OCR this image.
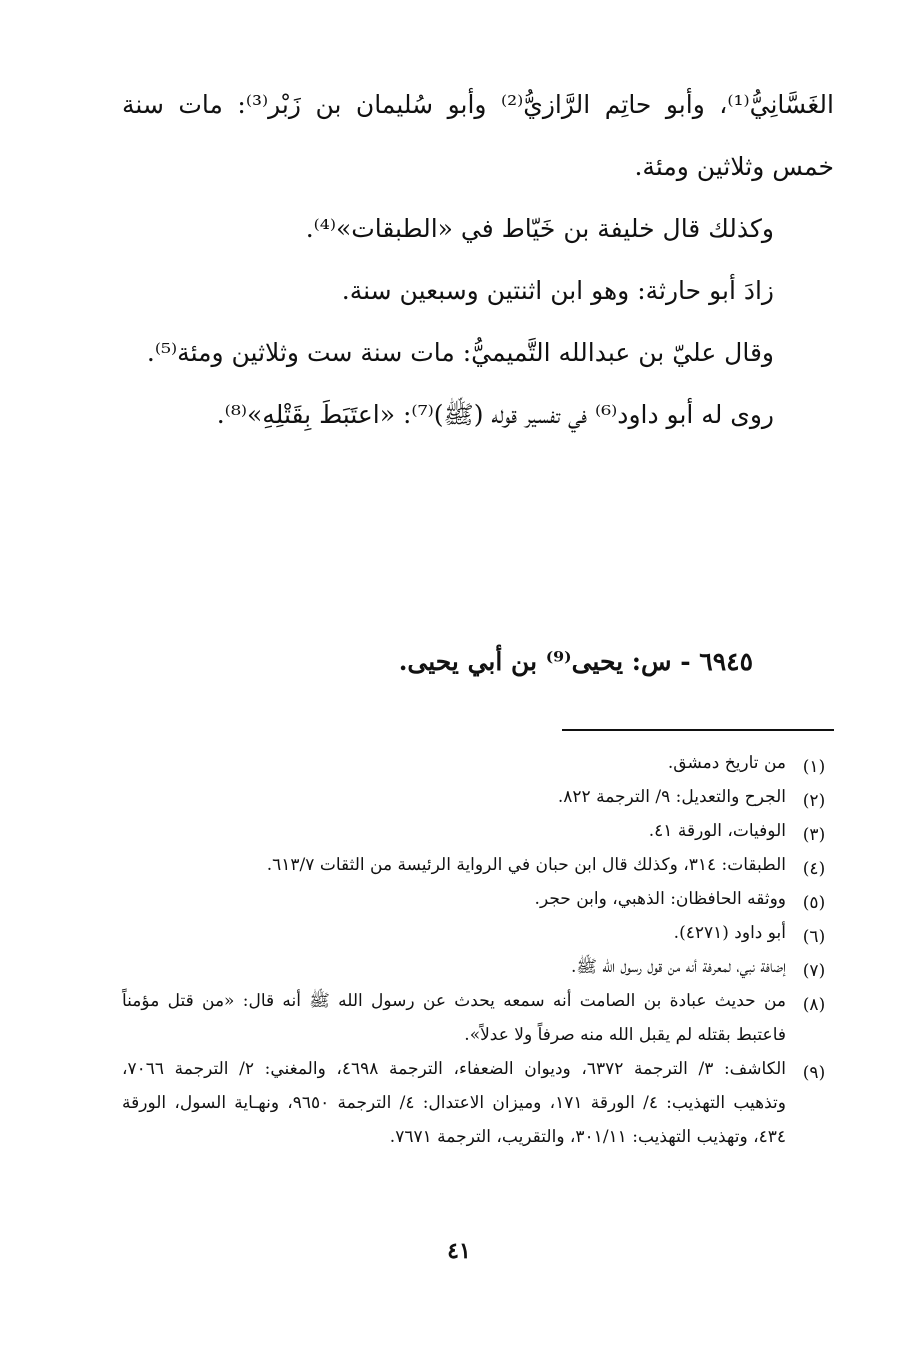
الغَسَّانِيُّ⁽¹⁾، وأبو حاتِم الرَّازيُّ⁽²⁾ وأبو سُليمان بن زَبْر⁽³⁾: مات سنة خمس وثلاثين ومئة.

وكذلك قال خليفة بن خَيّاط في «الطبقات»⁽⁴⁾.

زادَ أبو حارثة: وهو ابن اثنتين وسبعين سنة.

وقال عليّ بن عبدالله التَّميميُّ: مات سنة ست وثلاثين ومئة⁽⁵⁾.

روى له أبو داود⁽⁶⁾ في تفسير قوله (ﷺ)⁽⁷⁾: «اعتَبَطَ بِقَتْلِهِ»⁽⁸⁾.

٦٩٤٥ - س: يحيى⁽⁹⁾ بن أبي يحيى.

(١)
من تاريخ دمشق.

(٢)
الجرح والتعديل: ٩/ الترجمة ٨٢٢.

(٣)
الوفيات، الورقة ٤١.

(٤)
الطبقات: ٣١٤، وكذلك قال ابن حبان في الرواية الرئيسة من الثقات ٦١٣/٧.

(٥)
ووثقه الحافظان: الذهبي، وابن حجر.

(٦)
أبو داود (٤٢٧١).

(٧)
إضافة نبي، لمعرفة أنه من قول رسول الله ﷺ.

(٨)
من حديث عبادة بن الصامت أنه سمعه يحدث عن رسول الله ﷺ أنه قال: «من قتل مؤمناً فاعتبط بقتله لم يقبل الله منه صرفاً ولا عدلاً».

(٩)
الكاشف: ٣/ الترجمة ٦٣٧٢، وديوان الضعفاء، الترجمة ٤٦٩٨، والمغني: ٢/ الترجمة ٧٠٦٦، وتذهيب التهذيب: ٤/ الورقة ١٧١، وميزان الاعتدال: ٤/ الترجمة ٩٦٥٠، ونهـاية السول، الورقة ٤٣٤، وتهذيب التهذيب: ٣٠١/١١، والتقريب، الترجمة ٧٦٧١.

٤١
